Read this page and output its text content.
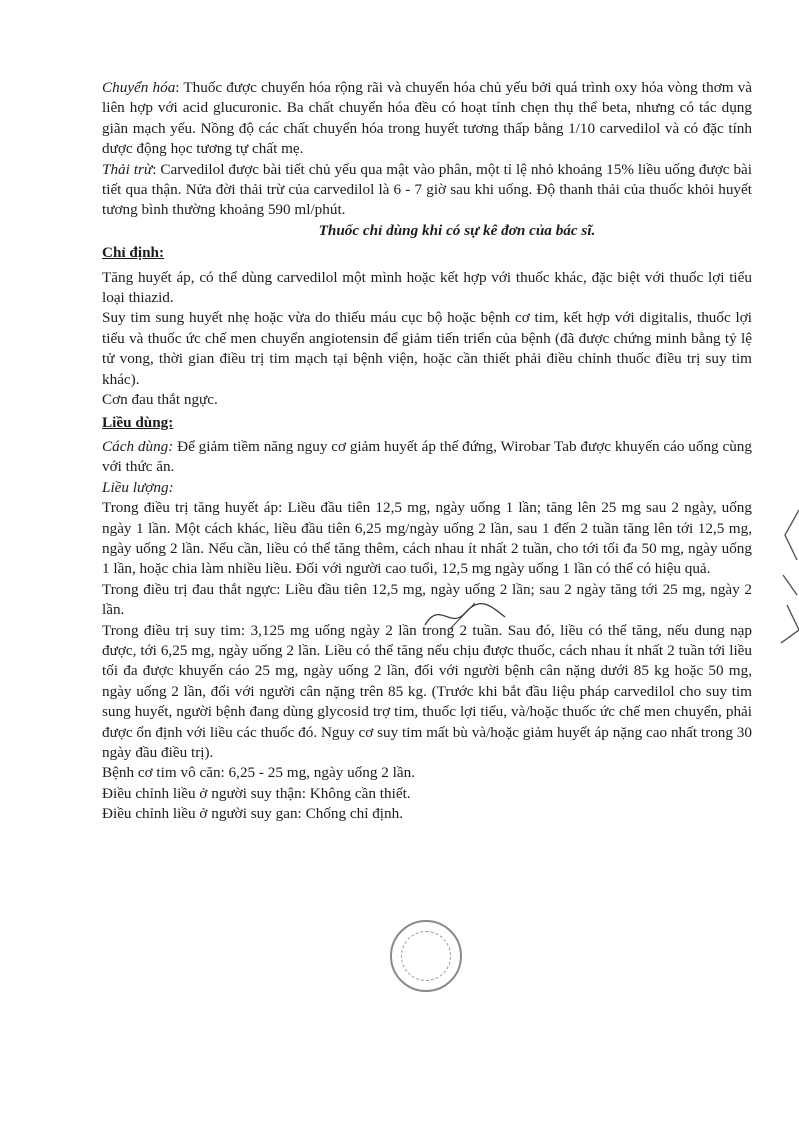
Chuyển hóa: Thuốc được chuyển hóa rộng rãi và chuyển hóa chủ yếu bởi quá trình oxy hóa vòng thơm và liên hợp với acid glucuronic. Ba chất chuyển hóa đều có hoạt tính chẹn thụ thể beta, nhưng có tác dụng giãn mạch yếu. Nồng độ các chất chuyển hóa trong huyết tương thấp bằng 1/10 carvedilol và có đặc tính dược động học tương tự chất mẹ.

Thải trừ: Carvedilol được bài tiết chủ yếu qua mật vào phân, một tỉ lệ nhỏ khoảng 15% liều uống được bài tiết qua thận. Nửa đời thải trừ của carvedilol là 6 - 7 giờ sau khi uống. Độ thanh thải của thuốc khỏi huyết tương bình thường khoảng 590 ml/phút.

Thuốc chỉ dùng khi có sự kê đơn của bác sĩ.

Chỉ định:

Tăng huyết áp, có thể dùng carvedilol một mình hoặc kết hợp với thuốc khác, đặc biệt với thuốc lợi tiểu loại thiazid.

Suy tim sung huyết nhẹ hoặc vừa do thiếu máu cục bộ hoặc bệnh cơ tim, kết hợp với digitalis, thuốc lợi tiểu và thuốc ức chế men chuyển angiotensin để giảm tiến triển của bệnh (đã được chứng minh bằng tỷ lệ tử vong, thời gian điều trị tim mạch tại bệnh viện, hoặc cần thiết phải điều chỉnh thuốc điều trị suy tim khác).

Cơn đau thắt ngực.

Liều dùng:

Cách dùng: Để giảm tiềm năng nguy cơ giảm huyết áp thế đứng, Wirobar Tab được khuyến cáo uống cùng với thức ăn.

Liều lượng:

Trong điều trị tăng huyết áp: Liều đầu tiên 12,5 mg, ngày uống 1 lần; tăng lên 25 mg sau 2 ngày, uống ngày 1 lần. Một cách khác, liều đầu tiên 6,25 mg/ngày uống 2 lần, sau 1 đến 2 tuần tăng lên tới 12,5 mg, ngày uống 2 lần. Nếu cần, liều có thể tăng thêm, cách nhau ít nhất 2 tuần, cho tới tối đa 50 mg, ngày uống 1 lần, hoặc chia làm nhiều liều. Đối với người cao tuổi, 12,5 mg ngày uống 1 lần có thể có hiệu quả.

Trong điều trị đau thắt ngực: Liều đầu tiên 12,5 mg, ngày uống 2 lần; sau 2 ngày tăng tới 25 mg, ngày 2 lần.

Trong điều trị suy tim: 3,125 mg uống ngày 2 lần trong 2 tuần. Sau đó, liều có thể tăng, nếu dung nạp được, tới 6,25 mg, ngày uống 2 lần. Liều có thể tăng nếu chịu được thuốc, cách nhau ít nhất 2 tuần tới liều tối đa được khuyến cáo 25 mg, ngày uống 2 lần, đối với người bệnh cân nặng dưới 85 kg hoặc 50 mg, ngày uống 2 lần, đối với người cân nặng trên 85 kg. (Trước khi bắt đầu liệu pháp carvedilol cho suy tim sung huyết, người bệnh đang dùng glycosid trợ tim, thuốc lợi tiểu, và/hoặc thuốc ức chế men chuyển, phải được ổn định với liều các thuốc đó. Nguy cơ suy tim mất bù và/hoặc giảm huyết áp nặng cao nhất trong 30 ngày đầu điều trị).

Bệnh cơ tim vô căn: 6,25 - 25 mg, ngày uống 2 lần.

Điều chỉnh liều ở người suy thận: Không cần thiết.

Điều chỉnh liều ở người suy gan: Chống chỉ định.
